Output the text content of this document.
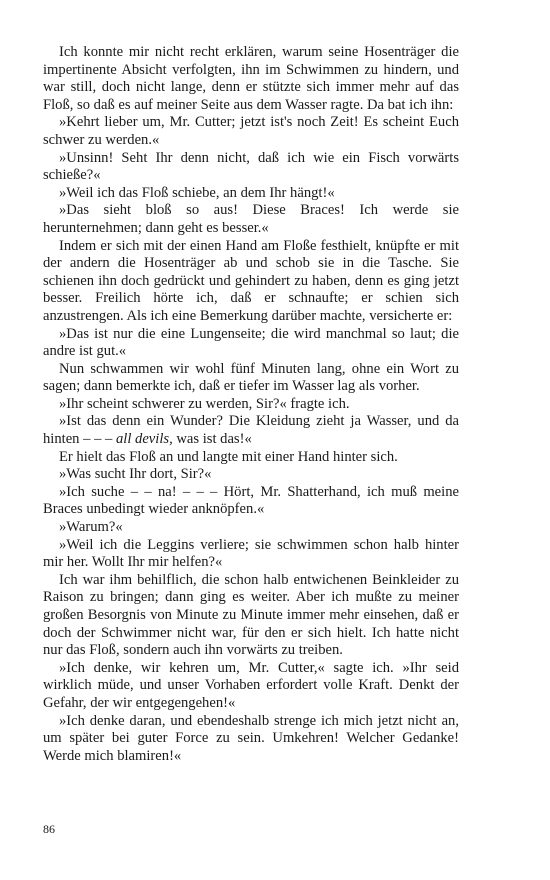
Ich konnte mir nicht recht erklären, warum seine Hosenträger die impertinente Absicht verfolgten, ihn im Schwimmen zu hindern, und war still, doch nicht lange, denn er stützte sich immer mehr auf das Floß, so daß es auf meiner Seite aus dem Wasser ragte. Da bat ich ihn:

»Kehrt lieber um, Mr. Cutter; jetzt ist's noch Zeit! Es scheint Euch schwer zu werden.«

»Unsinn! Seht Ihr denn nicht, daß ich wie ein Fisch vorwärts schieße?«

»Weil ich das Floß schiebe, an dem Ihr hängt!«

»Das sieht bloß so aus! Diese Braces! Ich werde sie herunternehmen; dann geht es besser.«

Indem er sich mit der einen Hand am Floße festhielt, knüpfte er mit der andern die Hosenträger ab und schob sie in die Tasche. Sie schienen ihn doch gedrückt und gehindert zu haben, denn es ging jetzt besser. Freilich hörte ich, daß er schnaufte; er schien sich anzustrengen. Als ich eine Bemerkung darüber machte, versicherte er:

»Das ist nur die eine Lungenseite; die wird manchmal so laut; die andre ist gut.«

Nun schwammen wir wohl fünf Minuten lang, ohne ein Wort zu sagen; dann bemerkte ich, daß er tiefer im Wasser lag als vorher.

»Ihr scheint schwerer zu werden, Sir?« fragte ich.

»Ist das denn ein Wunder? Die Kleidung zieht ja Wasser, und da hinten – – – all devils, was ist das!«

Er hielt das Floß an und langte mit einer Hand hinter sich.

»Was sucht Ihr dort, Sir?«

»Ich suche – – na! – – – Hört, Mr. Shatterhand, ich muß meine Braces unbedingt wieder anknöpfen.«

»Warum?«

»Weil ich die Leggins verliere; sie schwimmen schon halb hinter mir her. Wollt Ihr mir helfen?«

Ich war ihm behilflich, die schon halb entwichenen Beinkleider zu Raison zu bringen; dann ging es weiter. Aber ich mußte zu meiner großen Besorgnis von Minute zu Minute immer mehr einsehen, daß er doch der Schwimmer nicht war, für den er sich hielt. Ich hatte nicht nur das Floß, sondern auch ihn vorwärts zu treiben.

»Ich denke, wir kehren um, Mr. Cutter,« sagte ich. »Ihr seid wirklich müde, und unser Vorhaben erfordert volle Kraft. Denkt der Gefahr, der wir entgegengehen!«

»Ich denke daran, und ebendeshalb strenge ich mich jetzt nicht an, um später bei guter Force zu sein. Umkehren! Welcher Gedanke! Werde mich blamiren!«

86
